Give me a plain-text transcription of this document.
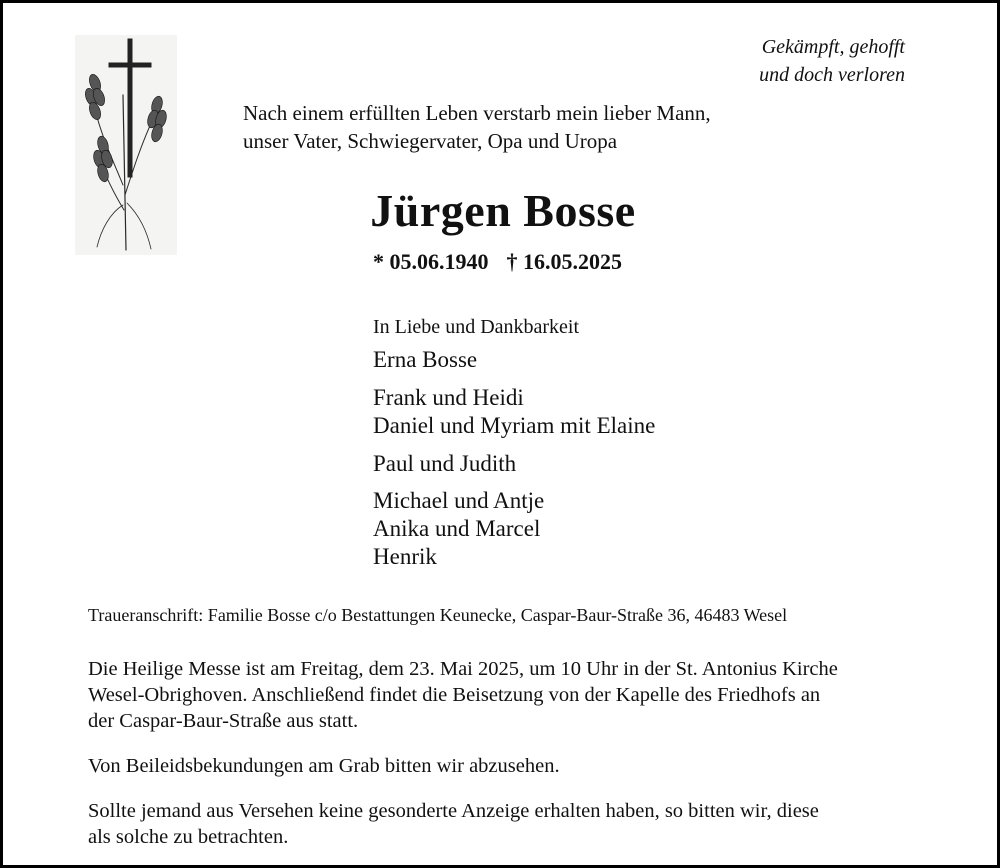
Gekämpft, gehofft
und doch verloren
Nach einem erfüllten Leben verstarb mein lieber Mann,
unser Vater, Schwiegervater, Opa und Uropa
Jürgen Bosse
* 05.06.1940 † 16.05.2025
In Liebe und Dankbarkeit
Erna Bosse
Frank und Heidi
Daniel und Myriam mit Elaine
Paul und Judith
Michael und Antje
Anika und Marcel
Henrik
Traueranschrift: Familie Bosse c/o Bestattungen Keunecke, Caspar-Baur-Straße 36, 46483 Wesel
Die Heilige Messe ist am Freitag, dem 23. Mai 2025, um 10 Uhr in der St. Antonius Kirche
Wesel-Obrighoven. Anschließend findet die Beisetzung von der Kapelle des Friedhofs an
der Caspar-Baur-Straße aus statt.
Von Beileidsbekundungen am Grab bitten wir abzusehen.
Sollte jemand aus Versehen keine gesonderte Anzeige erhalten haben, so bitten wir, diese
als solche zu betrachten.
